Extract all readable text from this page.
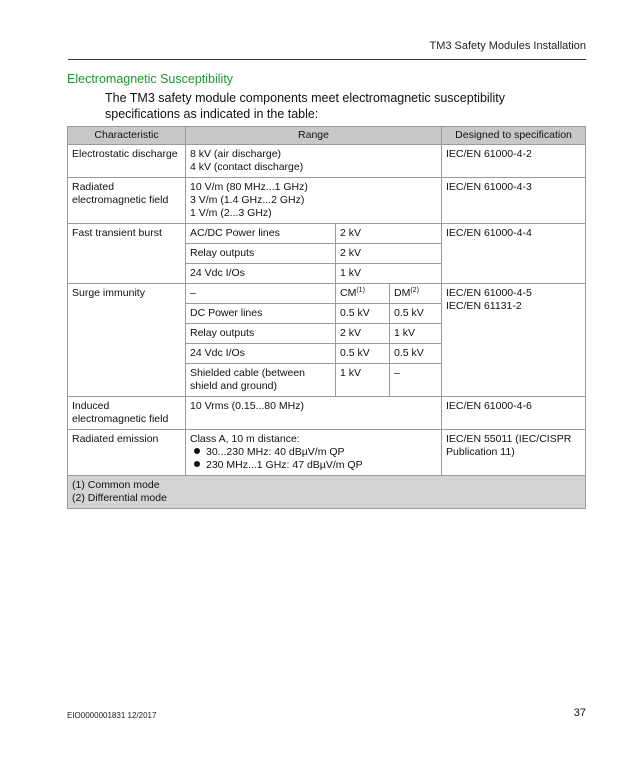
TM3 Safety Modules Installation
Electromagnetic Susceptibility
The TM3 safety module components meet electromagnetic susceptibility specifications as indicated in the table:
Characteristic	Range			Designed to specification
Electrostatic discharge	8 kV (air discharge)
4 kV (contact discharge)			IEC/EN 61000-4-2
Radiated electromagnetic field	10 V/m (80 MHz...1 GHz)
3 V/m (1.4 GHz...2 GHz)
1 V/m (2...3 GHz)			IEC/EN 61000-4-3
Fast transient burst	AC/DC Power lines	2 kV		IEC/EN 61000-4-4
	Relay outputs	2 kV		
	24 Vdc I/Os	1 kV		
Surge immunity	–	CM$^{(1)}$	DM$^{(2)}$	IEC/EN 61000-4-5
IEC/EN 61131-2

	DC Power lines	0.5 kV	0.5 kV	
	Relay outputs	2 kV	1 kV	
	24 Vdc I/Os	0.5 kV	0.5 kV	
	Shielded cable (between shield and ground)	1 kV	–	
Induced electromagnetic field	10 Vrms (0.15...80 MHz)			IEC/EN 61000-4-6
Radiated emission	Class A, 10 m distance:
30...230 MHz: 40 dBµV/m QP
230 MHz...1 GHz: 47 dBµV/m QP			IEC/EN 55011 (IEC/CISPR Publication 11)

(1) Common mode
(2) Differential mode				
EIO0000001831 12/2017	37
